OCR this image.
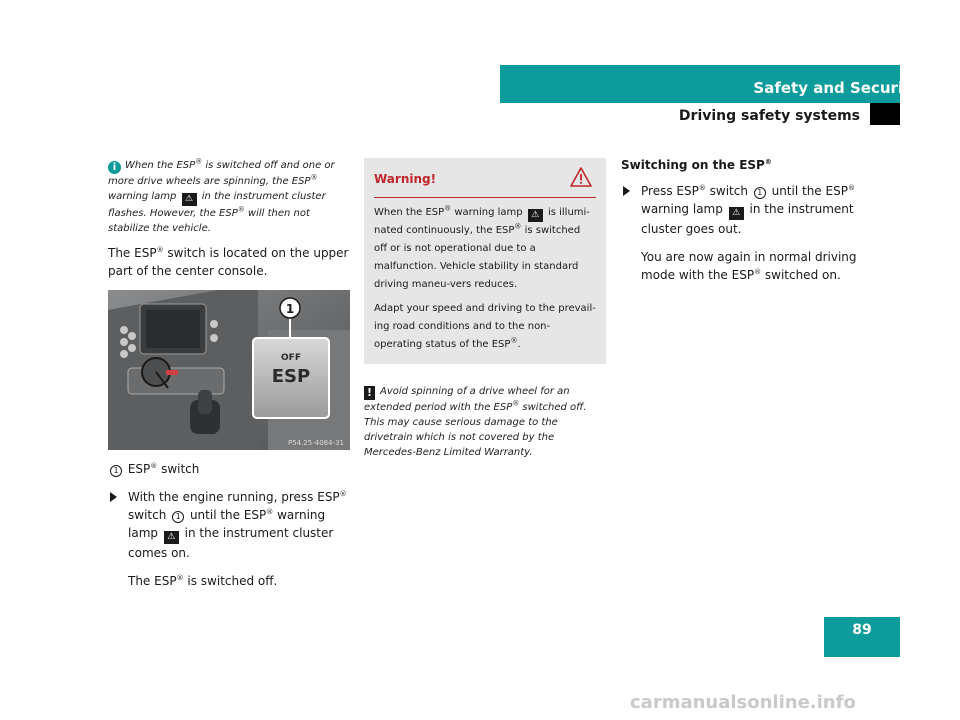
Safety and Security
Driving safety systems

i When the ESP® is switched off and one or more drive wheels are spinning, the ESP® warning lamp ⚠ in the instrument cluster flashes. However, the ESP® will then not stabilize the vehicle.

The ESP® switch is located on the upper part of the center console.

1
OFF
ESP
P54.25-4084-31

1 ESP® switch

With the engine running, press ESP® switch 1 until the ESP® warning lamp ⚠ in the instrument cluster comes on.

The ESP® is switched off.

Warning!

When the ESP® warning lamp ⚠ is illumi-nated continuously, the ESP® is switched off or is not operational due to a malfunction. Vehicle stability in standard driving maneu-vers reduces.

Adapt your speed and driving to the prevail-ing road conditions and to the non-operating status of the ESP®.

! Avoid spinning of a drive wheel for an extended period with the ESP® switched off. This may cause serious damage to the drivetrain which is not covered by the Mercedes-Benz Limited Warranty.

Switching on the ESP®

Press ESP® switch 1 until the ESP® warning lamp ⚠ in the instrument cluster goes out.

You are now again in normal driving mode with the ESP® switched on.

89
carmanualsonline.info
